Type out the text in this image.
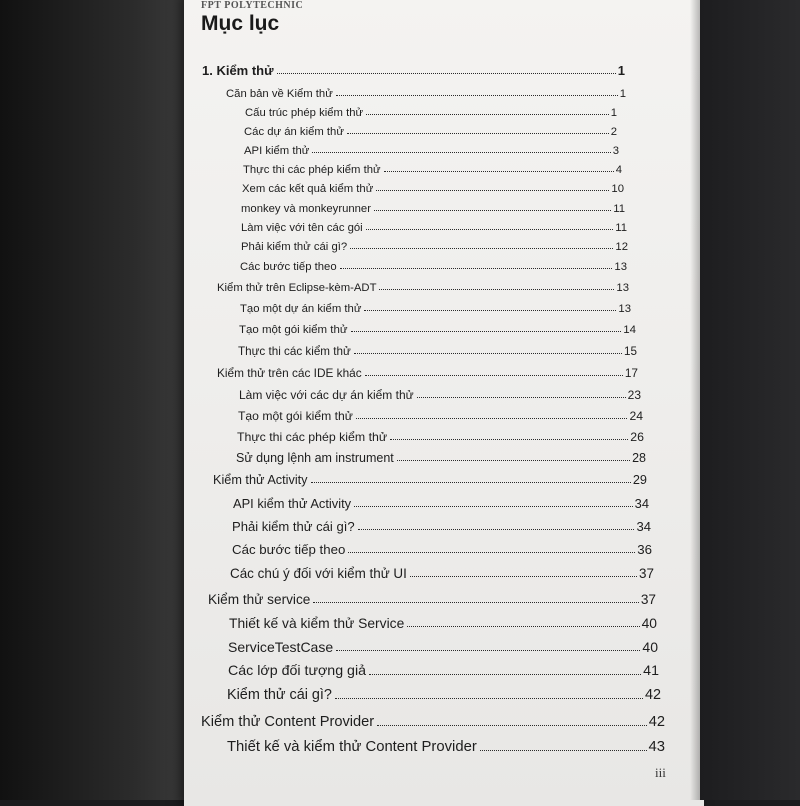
FPT POLYTECHNIC
Mục lục
1. Kiểm thử	1
Căn bản về Kiểm thử	1
Cấu trúc phép kiểm thử	1
Các dự án kiểm thử	2
API kiểm thử	3
Thực thi các phép kiểm thử	4
Xem các kết quả kiểm thử	10
monkey và monkeyrunner	11
Làm việc với tên các gói	11
Phải kiểm thử cái gì?	12
Các bước tiếp theo	13
Kiểm thử trên Eclipse-kèm-ADT	13
Tạo một dự án kiểm thử	13
Tạo một gói kiểm thử	14
Thực thi các kiểm thử	15
Kiểm thử trên các IDE khác	17
Làm việc với các dự án kiểm thử	23
Tạo một gói kiểm thử	24
Thực thi các phép kiểm thử	26
Sử dụng lệnh am instrument	28
Kiểm thử Activity	29
API kiểm thử Activity	34
Phải kiểm thử cái gì?	34
Các bước tiếp theo	36
Các chú ý đối với kiểm thử UI	37
Kiểm thử service	37
Thiết kế và kiểm thử Service	40
ServiceTestCase	40
Các lớp đối tượng giả	41
Kiểm thử cái gì?	42
Kiểm thử Content Provider	42
Thiết kế và kiểm thử Content Provider	43
iii
